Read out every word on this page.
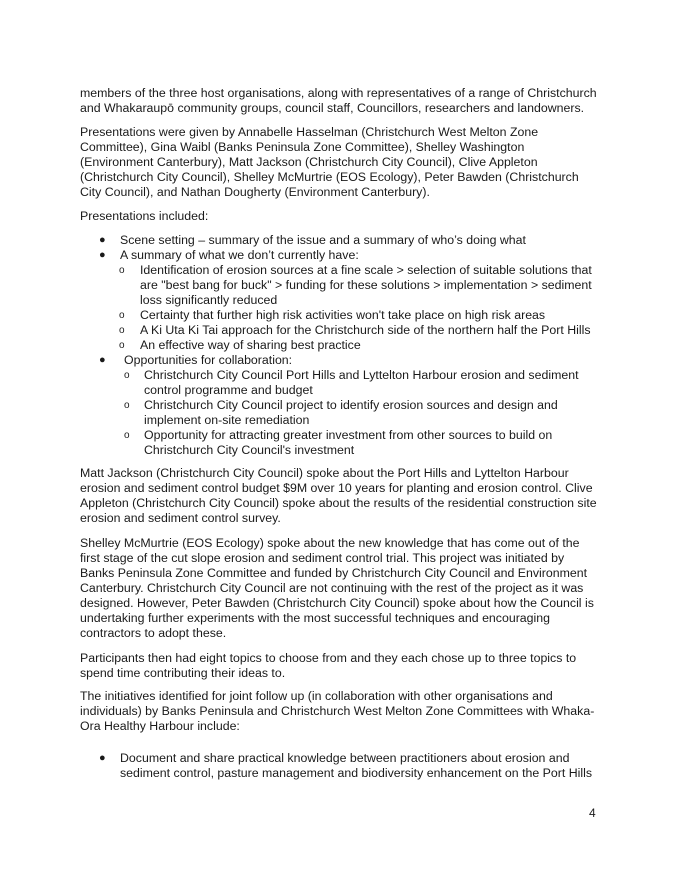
members of the three host organisations, along with representatives of a range of Christchurch and Whakaraupō community groups, council staff, Councillors, researchers and landowners.

Presentations were given by Annabelle Hasselman (Christchurch West Melton Zone Committee), Gina Waibl (Banks Peninsula Zone Committee), Shelley Washington (Environment Canterbury), Matt Jackson (Christchurch City Council), Clive Appleton (Christchurch City Council), Shelley McMurtrie (EOS Ecology), Peter Bawden (Christchurch City Council), and Nathan Dougherty (Environment Canterbury).

Presentations included:

● Scene setting – summary of the issue and a summary of who’s doing what
● A summary of what we don’t currently have:
o Identification of erosion sources at a fine scale > selection of suitable solutions that are "best bang for buck" > funding for these solutions > implementation > sediment loss significantly reduced
o Certainty that further high risk activities won't take place on high risk areas
o A Ki Uta Ki Tai approach for the Christchurch side of the northern half the Port Hills
o An effective way of sharing best practice
● Opportunities for collaboration:
o Christchurch City Council Port Hills and Lyttelton Harbour erosion and sediment control programme and budget
o Christchurch City Council project to identify erosion sources and design and implement on-site remediation
o Opportunity for attracting greater investment from other sources to build on Christchurch City Council's investment

Matt Jackson (Christchurch City Council) spoke about the Port Hills and Lyttelton Harbour erosion and sediment control budget $9M over 10 years for planting and erosion control. Clive Appleton (Christchurch City Council) spoke about the results of the residential construction site erosion and sediment control survey.

Shelley McMurtrie (EOS Ecology) spoke about the new knowledge that has come out of the first stage of the cut slope erosion and sediment control trial. This project was initiated by Banks Peninsula Zone Committee and funded by Christchurch City Council and Environment Canterbury. Christchurch City Council are not continuing with the rest of the project as it was designed. However, Peter Bawden (Christchurch City Council) spoke about how the Council is undertaking further experiments with the most successful techniques and encouraging contractors to adopt these.

Participants then had eight topics to choose from and they each chose up to three topics to spend time contributing their ideas to.

The initiatives identified for joint follow up (in collaboration with other organisations and individuals) by Banks Peninsula and Christchurch West Melton Zone Committees with Whaka-Ora Healthy Harbour include:

● Document and share practical knowledge between practitioners about erosion and sediment control, pasture management and biodiversity enhancement on the Port Hills
4
